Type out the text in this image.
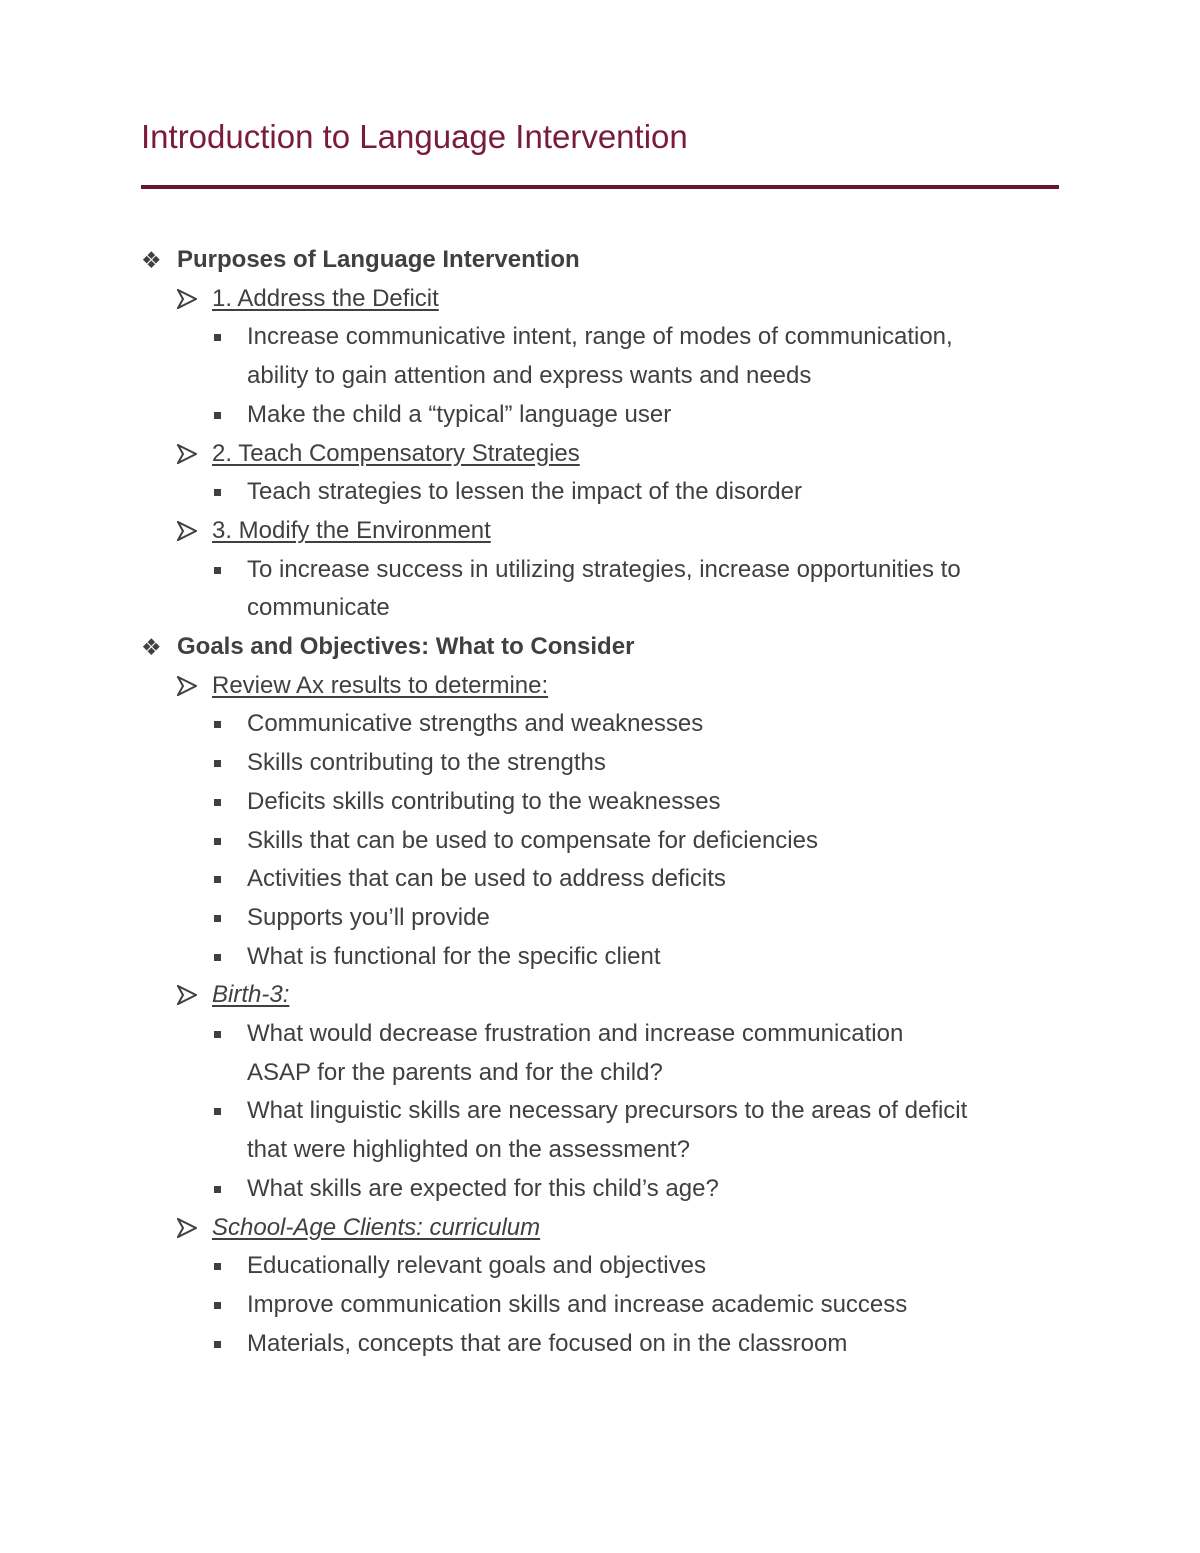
Introduction to Language Intervention
❖ Purposes of Language Intervention
1. Address the Deficit
Increase communicative intent, range of modes of communication,
ability to gain attention and express wants and needs
Make the child a “typical” language user
2. Teach Compensatory Strategies
Teach strategies to lessen the impact of the disorder
3. Modify the Environment
To increase success in utilizing strategies, increase opportunities to
communicate
❖ Goals and Objectives: What to Consider
Review Ax results to determine:
Communicative strengths and weaknesses
Skills contributing to the strengths
Deficits skills contributing to the weaknesses
Skills that can be used to compensate for deficiencies
Activities that can be used to address deficits
Supports you’ll provide
What is functional for the specific client
Birth-3:
What would decrease frustration and increase communication
ASAP for the parents and for the child?
What linguistic skills are necessary precursors to the areas of deficit
that were highlighted on the assessment?
What skills are expected for this child’s age?
School-Age Clients: curriculum
Educationally relevant goals and objectives
Improve communication skills and increase academic success
Materials, concepts that are focused on in the classroom
